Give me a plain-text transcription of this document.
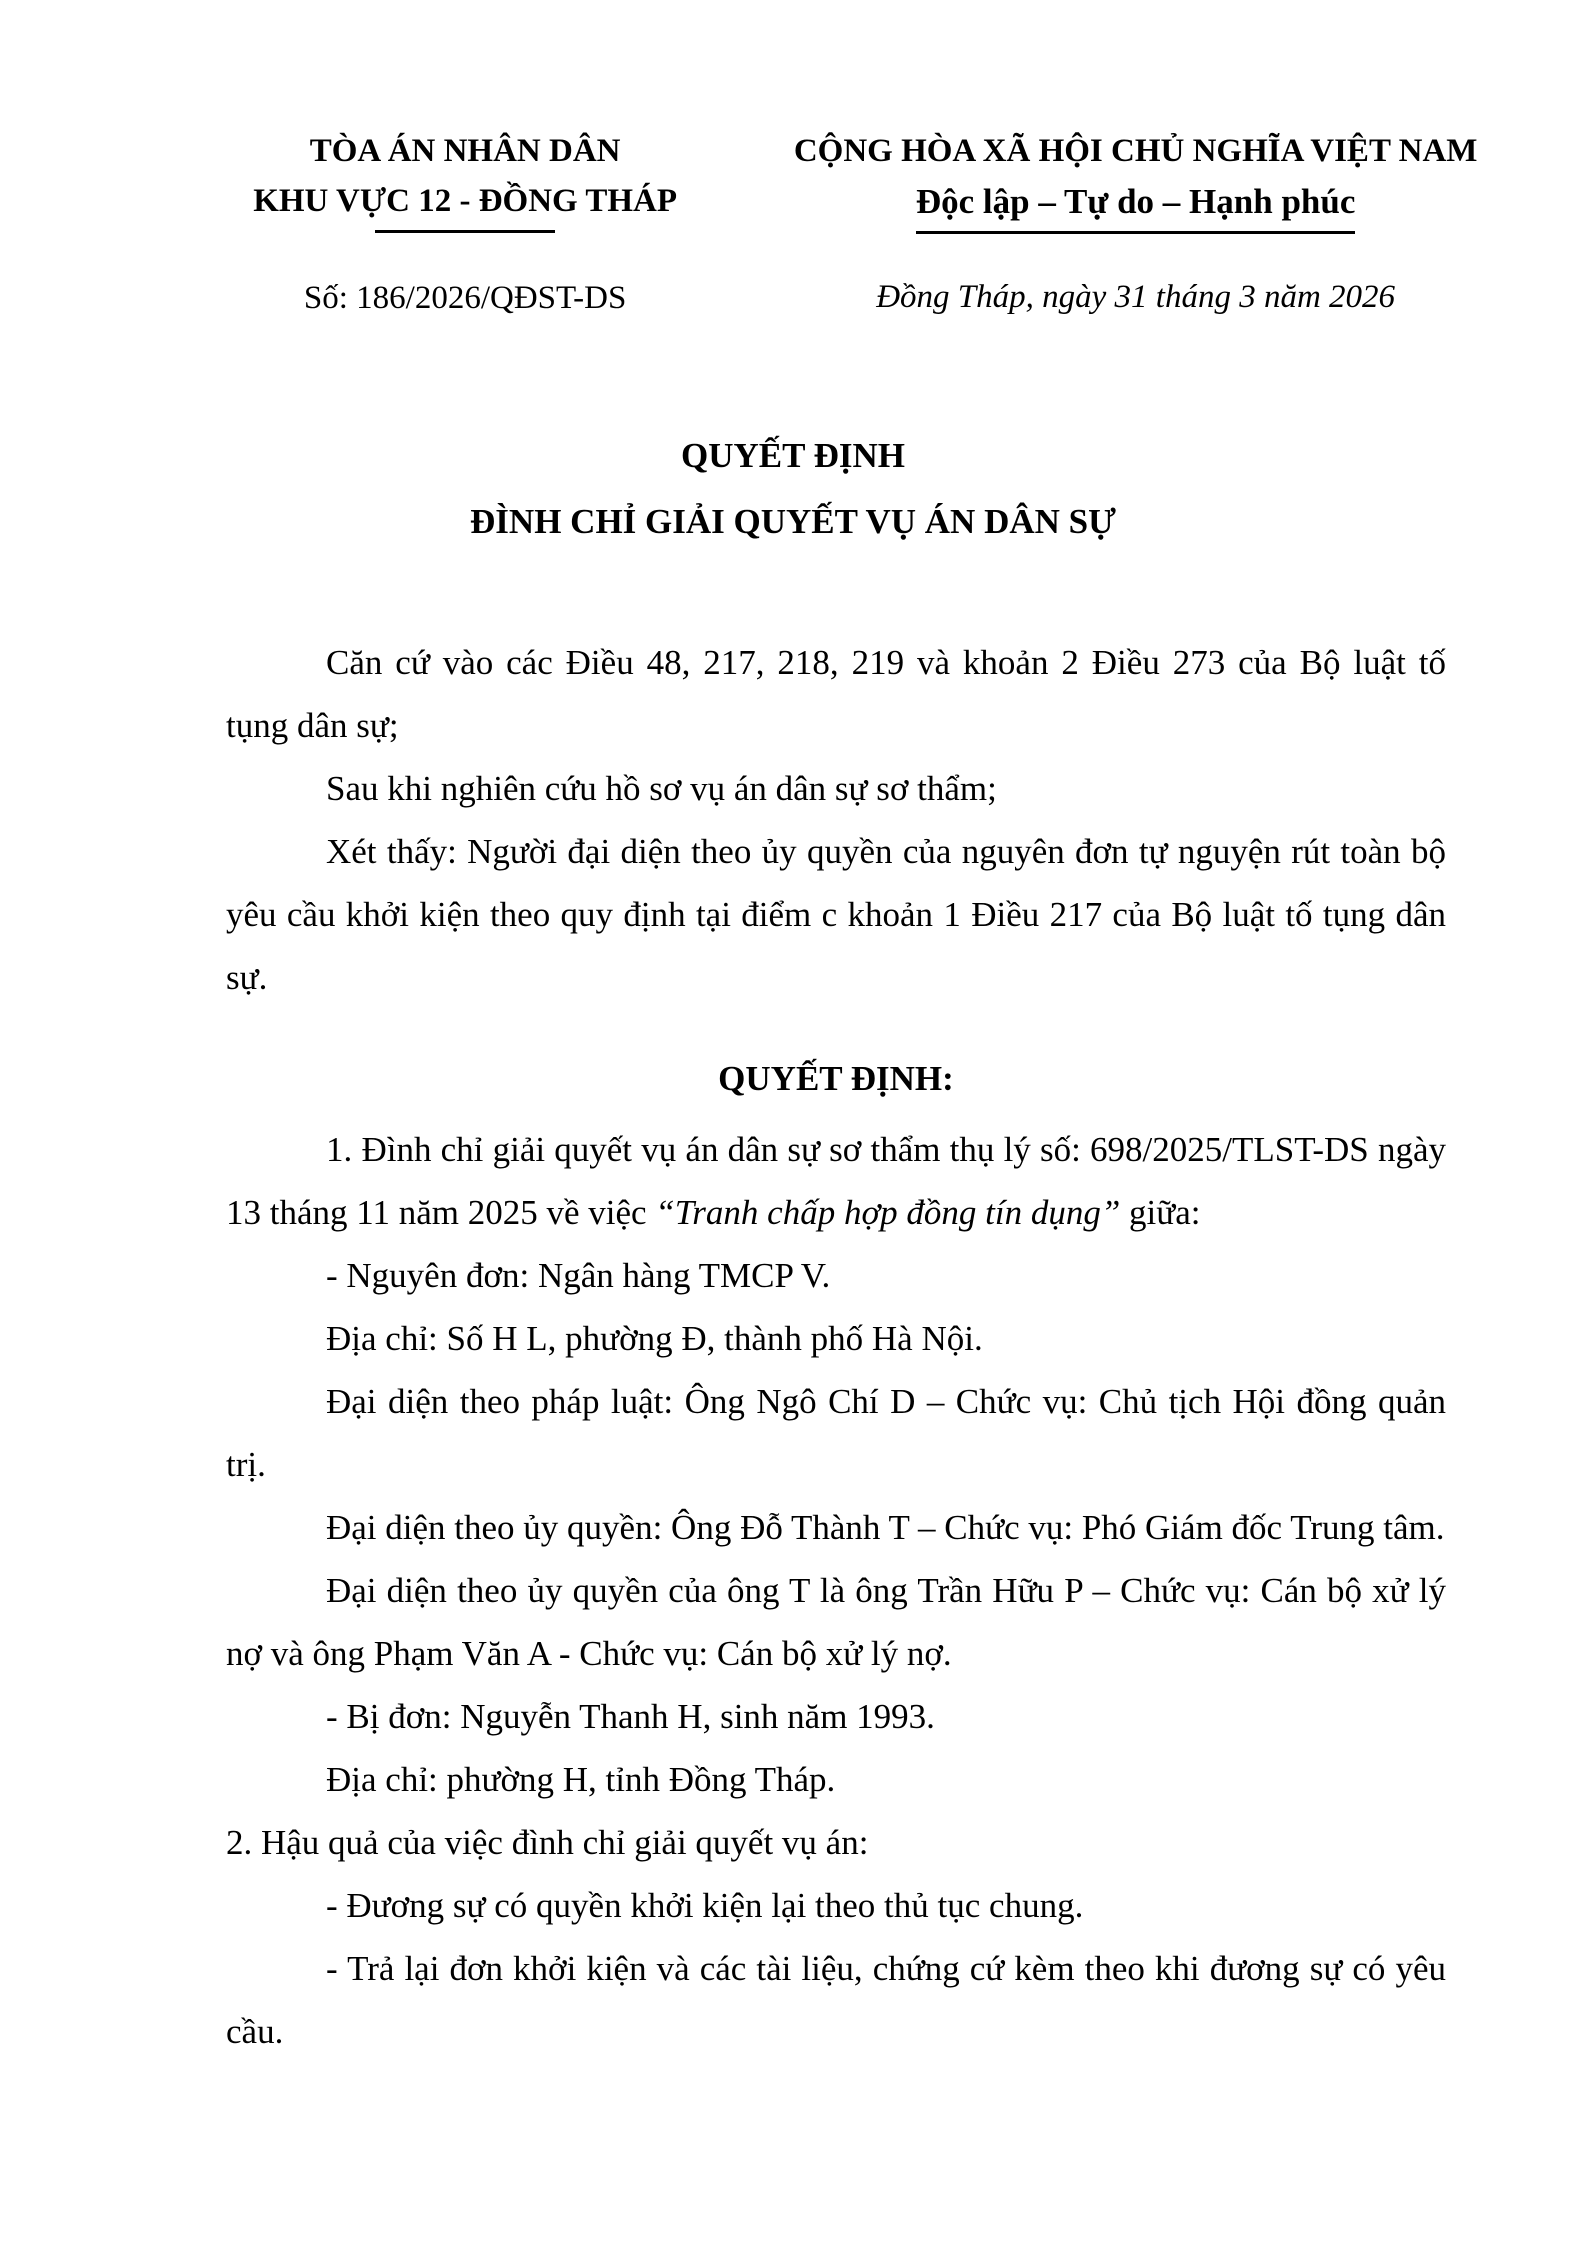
TÒA ÁN NHÂN DÂN
KHU VỰC 12 - ĐỒNG THÁP
Số: 186/2026/QĐST-DS
CỘNG HÒA XÃ HỘI CHỦ NGHĨA VIỆT NAM
Độc lập – Tự do – Hạnh phúc
Đồng Tháp, ngày 31 tháng 3 năm 2026
QUYẾT ĐỊNH
ĐÌNH CHỈ GIẢI QUYẾT VỤ ÁN DÂN SỰ

Căn cứ vào các Điều 48, 217, 218, 219 và khoản 2 Điều 273 của Bộ luật tố tụng dân sự;

Sau khi nghiên cứu hồ sơ vụ án dân sự sơ thẩm;

Xét thấy: Người đại diện theo ủy quyền của nguyên đơn tự nguyện rút toàn bộ yêu cầu khởi kiện theo quy định tại điểm c khoản 1 Điều 217 của Bộ luật tố tụng dân sự.

QUYẾT ĐỊNH:

1. Đình chỉ giải quyết vụ án dân sự sơ thẩm thụ lý số: 698/2025/TLST-DS ngày 13 tháng 11 năm 2025 về việc “Tranh chấp hợp đồng tín dụng” giữa:

- Nguyên đơn: Ngân hàng TMCP V.

Địa chỉ: Số H L, phường Đ, thành phố Hà Nội.

Đại diện theo pháp luật: Ông Ngô Chí D – Chức vụ: Chủ tịch Hội đồng quản trị.

Đại diện theo ủy quyền: Ông Đỗ Thành T – Chức vụ: Phó Giám đốc Trung tâm.

Đại diện theo ủy quyền của ông T là ông Trần Hữu P – Chức vụ: Cán bộ xử lý nợ và ông Phạm Văn A - Chức vụ: Cán bộ xử lý nợ.

- Bị đơn: Nguyễn Thanh H, sinh năm 1993.

Địa chỉ: phường H, tỉnh Đồng Tháp.

2. Hậu quả của việc đình chỉ giải quyết vụ án:

- Đương sự có quyền khởi kiện lại theo thủ tục chung.

- Trả lại đơn khởi kiện và các tài liệu, chứng cứ kèm theo khi đương sự có yêu cầu.
